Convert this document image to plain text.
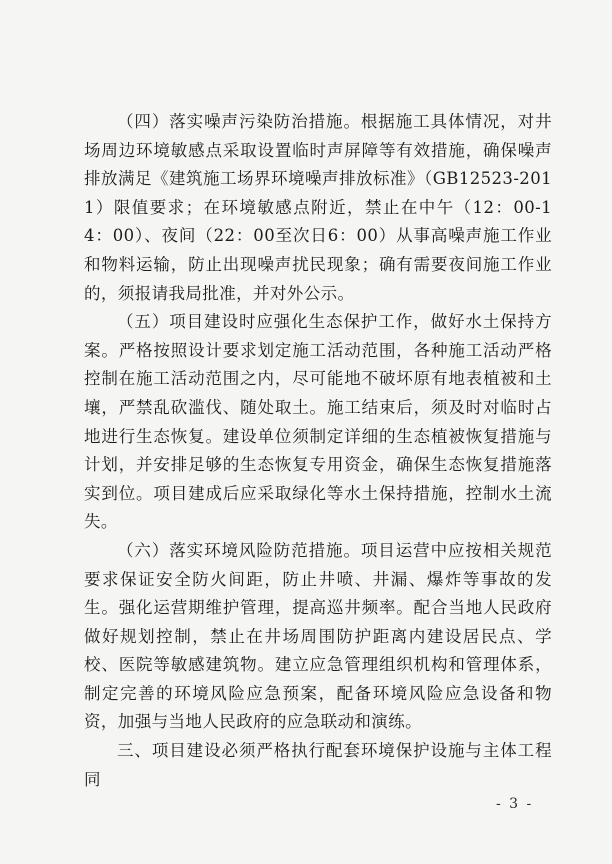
（四）落实噪声污染防治措施。根据施工具体情况，对井场周边环境敏感点采取设置临时声屏障等有效措施，确保噪声排放满足《建筑施工场界环境噪声排放标准》（GB12523-2011）限值要求；在环境敏感点附近，禁止在中午（12：00-14：00）、夜间（22：00至次日6：00）从事高噪声施工作业和物料运输，防止出现噪声扰民现象；确有需要夜间施工作业的，须报请我局批准，并对外公示。

（五）项目建设时应强化生态保护工作，做好水土保持方案。严格按照设计要求划定施工活动范围，各种施工活动严格控制在施工活动范围之内，尽可能地不破坏原有地表植被和土壤，严禁乱砍滥伐、随处取土。施工结束后，须及时对临时占地进行生态恢复。建设单位须制定详细的生态植被恢复措施与计划，并安排足够的生态恢复专用资金，确保生态恢复措施落实到位。项目建成后应采取绿化等水土保持措施，控制水土流失。

（六）落实环境风险防范措施。项目运营中应按相关规范要求保证安全防火间距，防止井喷、井漏、爆炸等事故的发生。强化运营期维护管理，提高巡井频率。配合当地人民政府做好规划控制，禁止在井场周围防护距离内建设居民点、学校、医院等敏感建筑物。建立应急管理组织机构和管理体系，制定完善的环境风险应急预案，配备环境风险应急设备和物资，加强与当地人民政府的应急联动和演练。

三、项目建设必须严格执行配套环境保护设施与主体工程同

- 3 -
